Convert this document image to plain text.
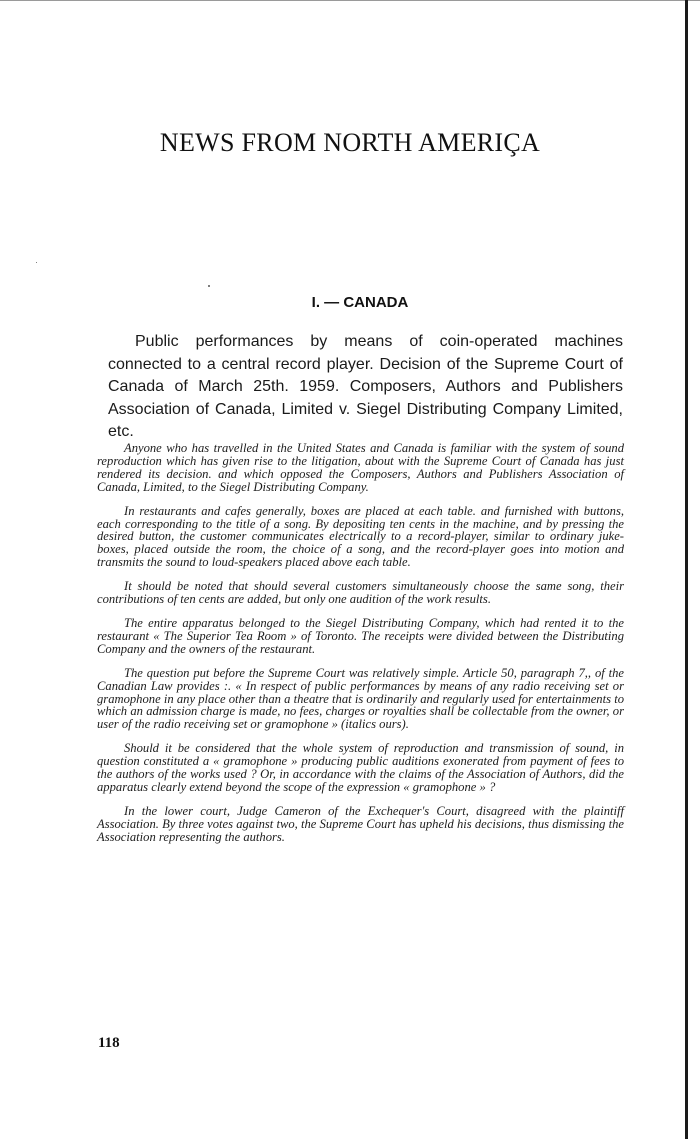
NEWS FROM NORTH AMERIÇA
I. — CANADA

Public performances by means of coin-operated machines connected to a central record player. Decision of the Supreme Court of Canada of March 25th. 1959. Composers, Authors and Publishers Association of Canada, Limited v. Siegel Distributing Company Limited, etc.

Anyone who has travelled in the United States and Canada is familiar with the system of sound reproduction which has given rise to the litigation, about with the Supreme Court of Canada has just rendered its decision. and which opposed the Composers, Authors and Publishers Association of Canada, Limited, to the Siegel Distributing Company.

In restaurants and cafes generally, boxes are placed at each table. and furnished with buttons, each corresponding to the title of a song. By depositing ten cents in the machine, and by pressing the desired button, the customer communicates electrically to a record-player, similar to ordinary juke-boxes, placed outside the room, the choice of a song, and the record-player goes into motion and transmits the sound to loud-speakers placed above each table.

It should be noted that should several customers simultaneously choose the same song, their contributions of ten cents are added, but only one audition of the work results.

The entire apparatus belonged to the Siegel Distributing Company, which had rented it to the restaurant « The Superior Tea Room » of Toronto. The receipts were divided between the Distributing Company and the owners of the restaurant.

The question put before the Supreme Court was relatively simple. Article 50, paragraph 7,, of the Canadian Law provides :. « In respect of public performances by means of any radio receiving set or gramophone in any place other than a theatre that is ordinarily and regularly used for entertainments to which an admission charge is made, no fees, charges or royalties shall be collectable from the owner, or user of the radio receiving set or gramophone » (italics ours).

Should it be considered that the whole system of reproduction and transmission of sound, in question constituted a « gramophone » producing public auditions exonerated from payment of fees to the authors of the works used ? Or, in accordance with the claims of the Association of Authors, did the apparatus clearly extend beyond the scope of the expression « gramophone » ?

In the lower court, Judge Cameron of the Exchequer's Court, disagreed with the plaintiff Association. By three votes against two, the Supreme Court has upheld his decisions, thus dismissing the Association representing the authors.

118
